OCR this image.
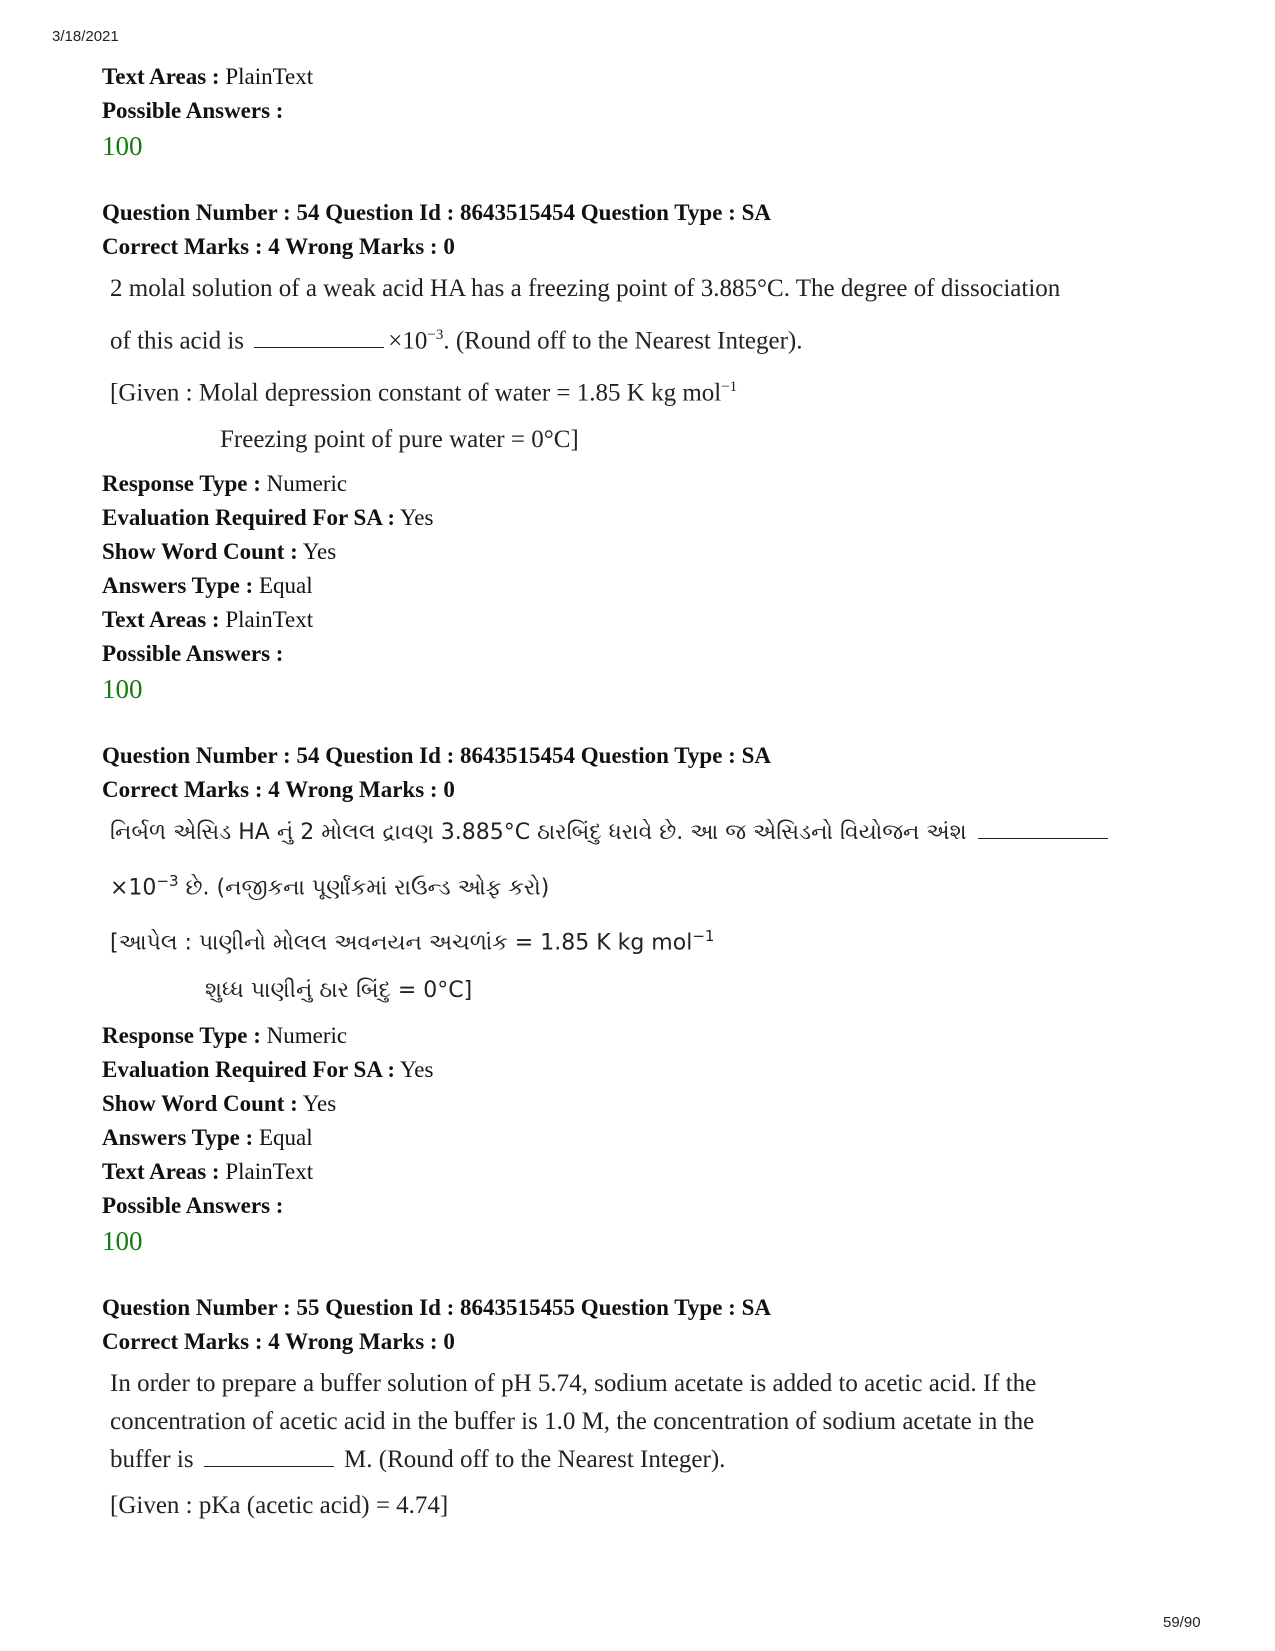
3/18/2021
Text Areas : PlainText
Possible Answers :
100
Question Number : 54 Question Id : 8643515454 Question Type : SA
Correct Marks : 4 Wrong Marks : 0

2 molal solution of a weak acid HA has a freezing point of 3.885°C. The degree of dissociation

of this acid is	$\times 10^{-3}$. (Round off to the Nearest Integer).

[Given : Molal depression constant of water = 1.85 K kg mol$^{-1}$

Freezing point of pure water = 0°C]

Response Type : Numeric
Evaluation Required For SA : Yes
Show Word Count : Yes
Answers Type : Equal
Text Areas : PlainText
Possible Answers :
100
Question Number : 54 Question Id : 8643515454 Question Type : SA
Correct Marks : 4 Wrong Marks : 0

નિર્બળ એસિડ HA નું 2 મોલલ દ્રાવણ 3.885°C ઠારબિંદુ ધરાવે છે. આ જ એસિડનો વિયોજન અંશ

$\times 10^{-3}$ છે. (નજીકના પૂર્ણાંકમાં રાઉન્ડ ઓફ કરો)

[આપેલ : પાણીનો મોલલ અવનયન અચળાંક = 1.85 K kg mol$^{-1}$

શુધ્ધ પાણીનું ઠાર બિંદુ = 0°C]

Response Type : Numeric
Evaluation Required For SA : Yes
Show Word Count : Yes
Answers Type : Equal
Text Areas : PlainText
Possible Answers :
100
Question Number : 55 Question Id : 8643515455 Question Type : SA
Correct Marks : 4 Wrong Marks : 0

In order to prepare a buffer solution of pH 5.74, sodium acetate is added to acetic acid. If the

concentration of acetic acid in the buffer is 1.0 M, the concentration of sodium acetate in the

buffer is	M. (Round off to the Nearest Integer).

[Given : pKa (acetic acid) = 4.74]

59/90
